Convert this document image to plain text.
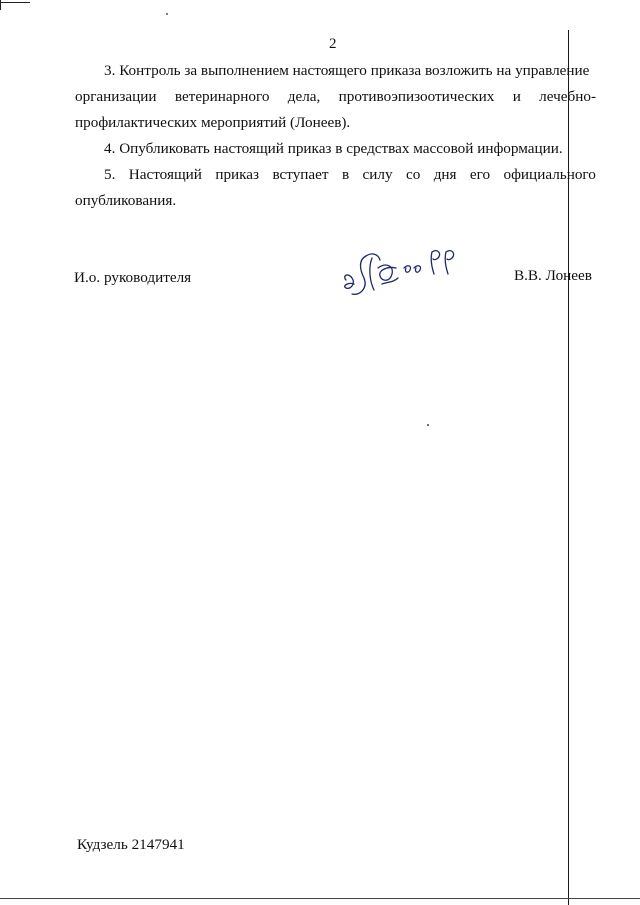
2
3. Контроль за выполнением настоящего приказа возложить на управление
организации ветеринарного дела, противоэпизоотических и лечебно-
профилактических мероприятий (Лонеев).
4. Опубликовать настоящий приказ в средствах массовой информации.
5. Настоящий приказ вступает в силу со дня его официального
опубликования.
И.о. руководителя	В.В. Лонеев
Кудзель 2147941
